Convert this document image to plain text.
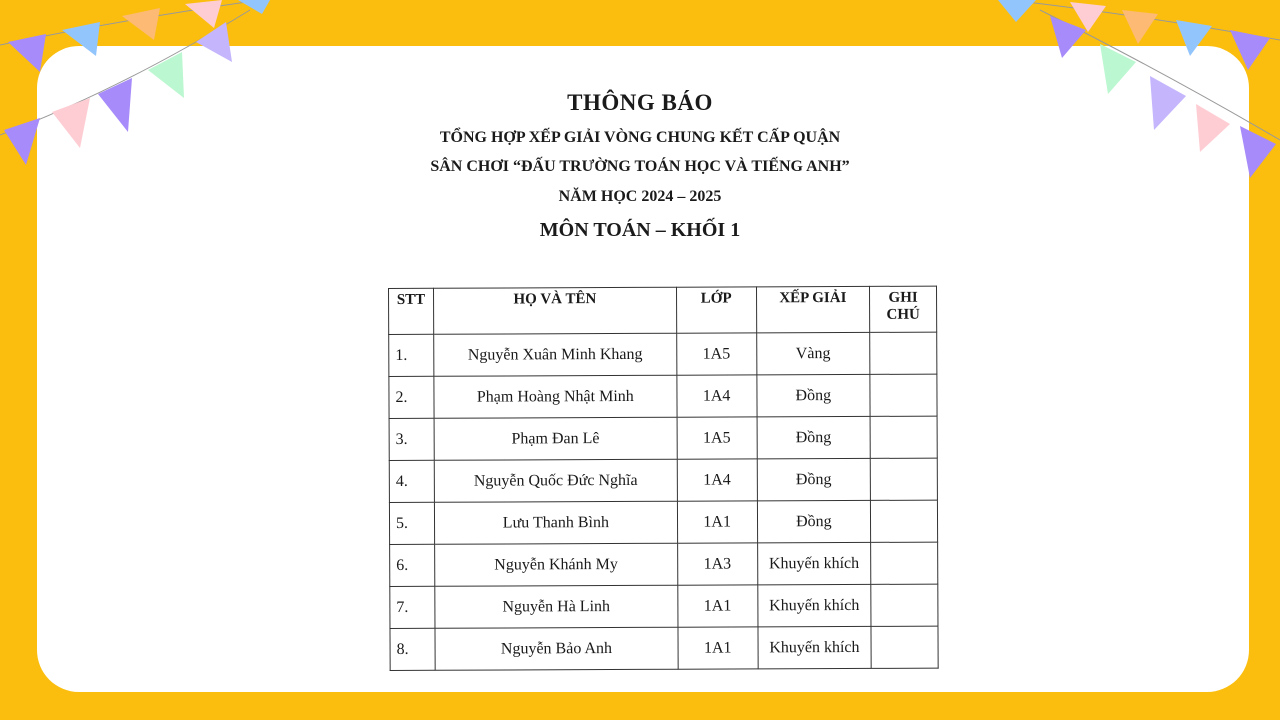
THÔNG BÁO
TỔNG HỢP XẾP GIẢI VÒNG CHUNG KẾT CẤP QUẬN
SÂN CHƠI “ĐẤU TRƯỜNG TOÁN HỌC VÀ TIẾNG ANH”
NĂM HỌC 2024 – 2025
MÔN TOÁN – KHỐI 1
STT	HỌ VÀ TÊN	LỚP	XẾP GIẢI	GHI CHÚ
1.	Nguyễn Xuân Minh Khang	1A5	Vàng	
2.	Phạm Hoàng Nhật Minh	1A4	Đồng	
3.	Phạm Đan Lê	1A5	Đồng	
4.	Nguyễn Quốc Đức Nghĩa	1A4	Đồng	
5.	Lưu Thanh Bình	1A1	Đồng	
6.	Nguyễn Khánh My	1A3	Khuyến khích	
7.	Nguyễn Hà Linh	1A1	Khuyến khích	
8.	Nguyễn Bảo Anh	1A1	Khuyến khích	
